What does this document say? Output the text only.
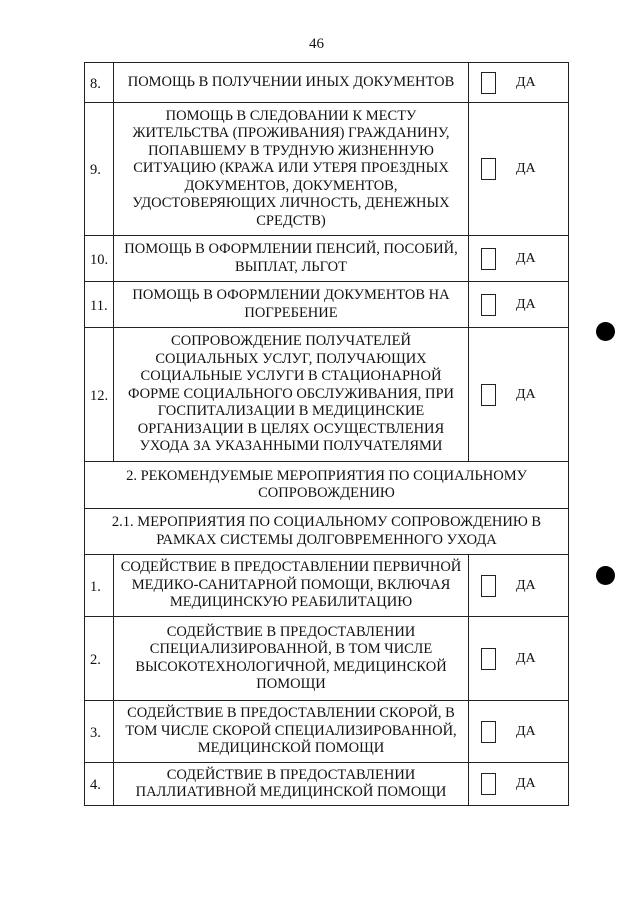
46
8.	ПОМОЩЬ В ПОЛУЧЕНИИ ИНЫХ ДОКУМЕНТОВ	ДА
9.	ПОМОЩЬ В СЛЕДОВАНИИ К МЕСТУ ЖИТЕЛЬСТВА (ПРОЖИВАНИЯ) ГРАЖДАНИНУ, ПОПАВШЕМУ В ТРУДНУЮ ЖИЗНЕННУЮ СИТУАЦИЮ (КРАЖА ИЛИ УТЕРЯ ПРОЕЗДНЫХ ДОКУМЕНТОВ, ДОКУМЕНТОВ, УДОСТОВЕРЯЮЩИХ ЛИЧНОСТЬ, ДЕНЕЖНЫХ СРЕДСТВ)	ДА
10.	ПОМОЩЬ В ОФОРМЛЕНИИ ПЕНСИЙ, ПОСОБИЙ, ВЫПЛАТ, ЛЬГОТ	ДА
11.	ПОМОЩЬ В ОФОРМЛЕНИИ ДОКУМЕНТОВ НА ПОГРЕБЕНИЕ	ДА
12.	СОПРОВОЖДЕНИЕ ПОЛУЧАТЕЛЕЙ СОЦИАЛЬНЫХ УСЛУГ, ПОЛУЧАЮЩИХ СОЦИАЛЬНЫЕ УСЛУГИ В СТАЦИОНАРНОЙ ФОРМЕ СОЦИАЛЬНОГО ОБСЛУЖИВАНИЯ, ПРИ ГОСПИТАЛИЗАЦИИ В МЕДИЦИНСКИЕ ОРГАНИЗАЦИИ В ЦЕЛЯХ ОСУЩЕСТВЛЕНИЯ УХОДА ЗА УКАЗАННЫМИ ПОЛУЧАТЕЛЯМИ	ДА
2. РЕКОМЕНДУЕМЫЕ МЕРОПРИЯТИЯ ПО СОЦИАЛЬНОМУ СОПРОВОЖДЕНИЮ		
2.1. МЕРОПРИЯТИЯ ПО СОЦИАЛЬНОМУ СОПРОВОЖДЕНИЮ В РАМКАХ СИСТЕМЫ ДОЛГОВРЕМЕННОГО УХОДА		
1.	СОДЕЙСТВИЕ В ПРЕДОСТАВЛЕНИИ ПЕРВИЧНОЙ МЕДИКО-САНИТАРНОЙ ПОМОЩИ, ВКЛЮЧАЯ МЕДИЦИНСКУЮ РЕАБИЛИТАЦИЮ	ДА
2.	СОДЕЙСТВИЕ В ПРЕДОСТАВЛЕНИИ СПЕЦИАЛИЗИРОВАННОЙ, В ТОМ ЧИСЛЕ ВЫСОКОТЕХНОЛОГИЧНОЙ, МЕДИЦИНСКОЙ ПОМОЩИ	ДА
3.	СОДЕЙСТВИЕ В ПРЕДОСТАВЛЕНИИ СКОРОЙ, В ТОМ ЧИСЛЕ СКОРОЙ СПЕЦИАЛИЗИРОВАННОЙ, МЕДИЦИНСКОЙ ПОМОЩИ	ДА
4.	СОДЕЙСТВИЕ В ПРЕДОСТАВЛЕНИИ ПАЛЛИАТИВНОЙ МЕДИЦИНСКОЙ ПОМОЩИ	ДА
